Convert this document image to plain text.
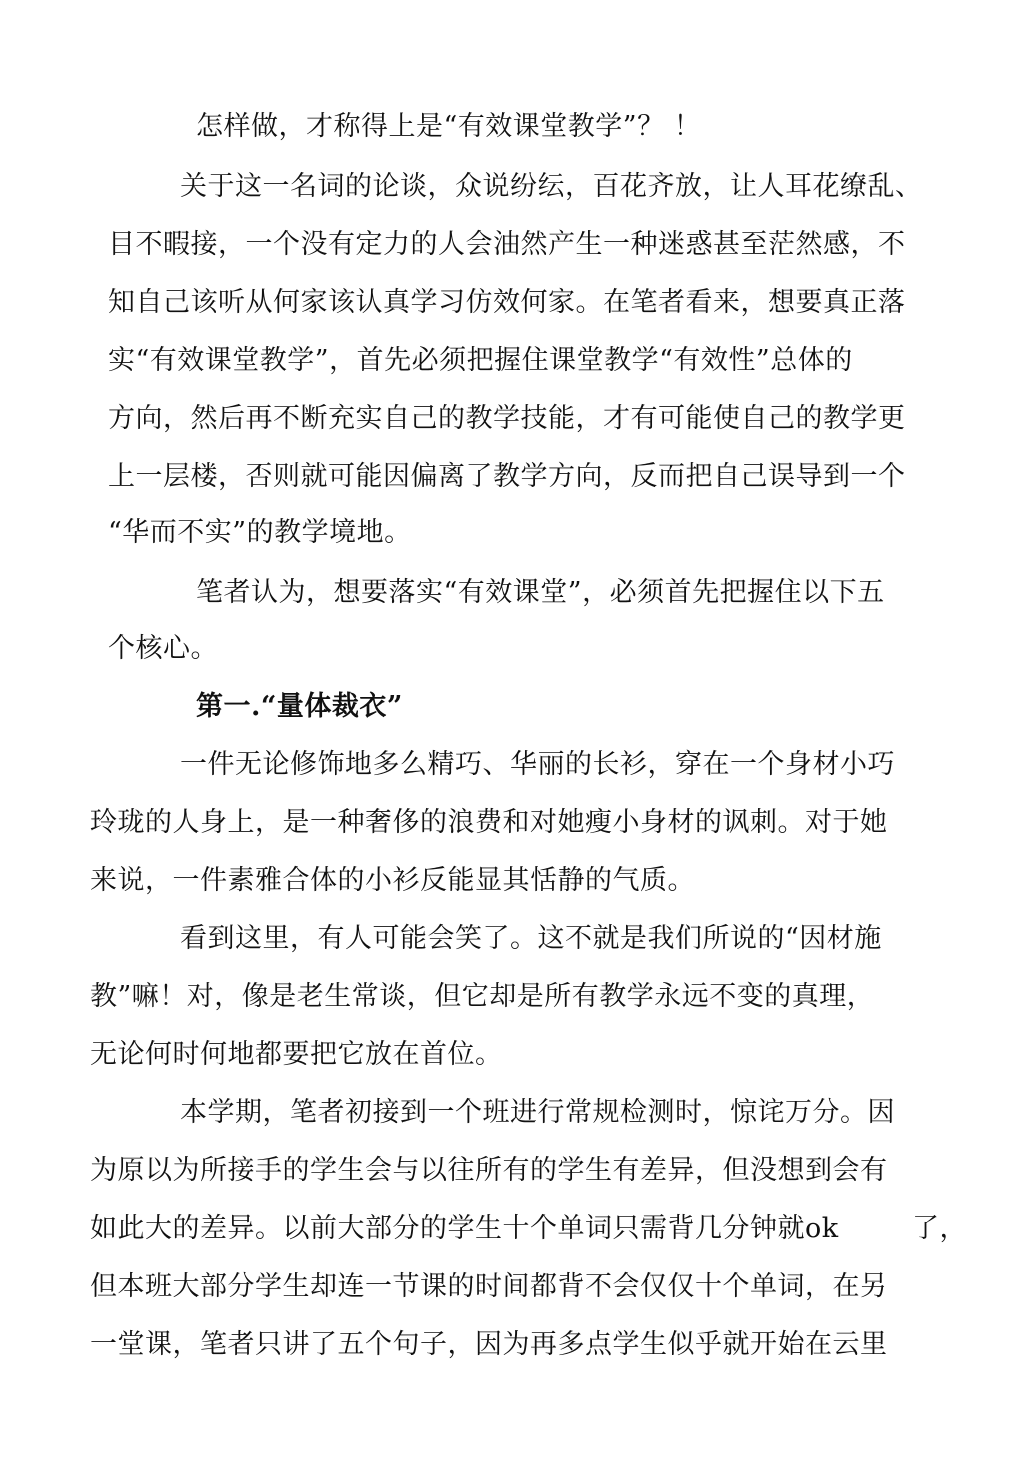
怎样做，才称得上是“有效课堂教学”？ ！
关于这一名词的论谈，众说纷纭，百花齐放，让人耳花缭乱、
目不暇接，一个没有定力的人会油然产生一种迷惑甚至茫然感，不
知自己该听从何家该认真学习仿效何家。在笔者看来，想要真正落
实“有效课堂教学”，首先必须把握住课堂教学“有效性”总体的
方向，然后再不断充实自己的教学技能，才有可能使自己的教学更
上一层楼，否则就可能因偏离了教学方向，反而把自己误导到一个
“华而不实”的教学境地。
笔者认为，想要落实“有效课堂”，必须首先把握住以下五
个核心。
第一.“量体裁衣”
一件无论修饰地多么精巧、华丽的长衫，穿在一个身材小巧
玲珑的人身上，是一种奢侈的浪费和对她瘦小身材的讽刺。对于她
来说，一件素雅合体的小衫反能显其恬静的气质。
看到这里，有人可能会笑了。这不就是我们所说的“因材施
教”嘛！对，像是老生常谈，但它却是所有教学永远不变的真理，
无论何时何地都要把它放在首位。
本学期，笔者初接到一个班进行常规检测时，惊诧万分。因
为原以为所接手的学生会与以往所有的学生有差异，但没想到会有
如此大的差异。以前大部分的学生十个单词只需背几分钟就ok	了，
但本班大部分学生却连一节课的时间都背不会仅仅十个单词，在另
一堂课，笔者只讲了五个句子，因为再多点学生似乎就开始在云里
